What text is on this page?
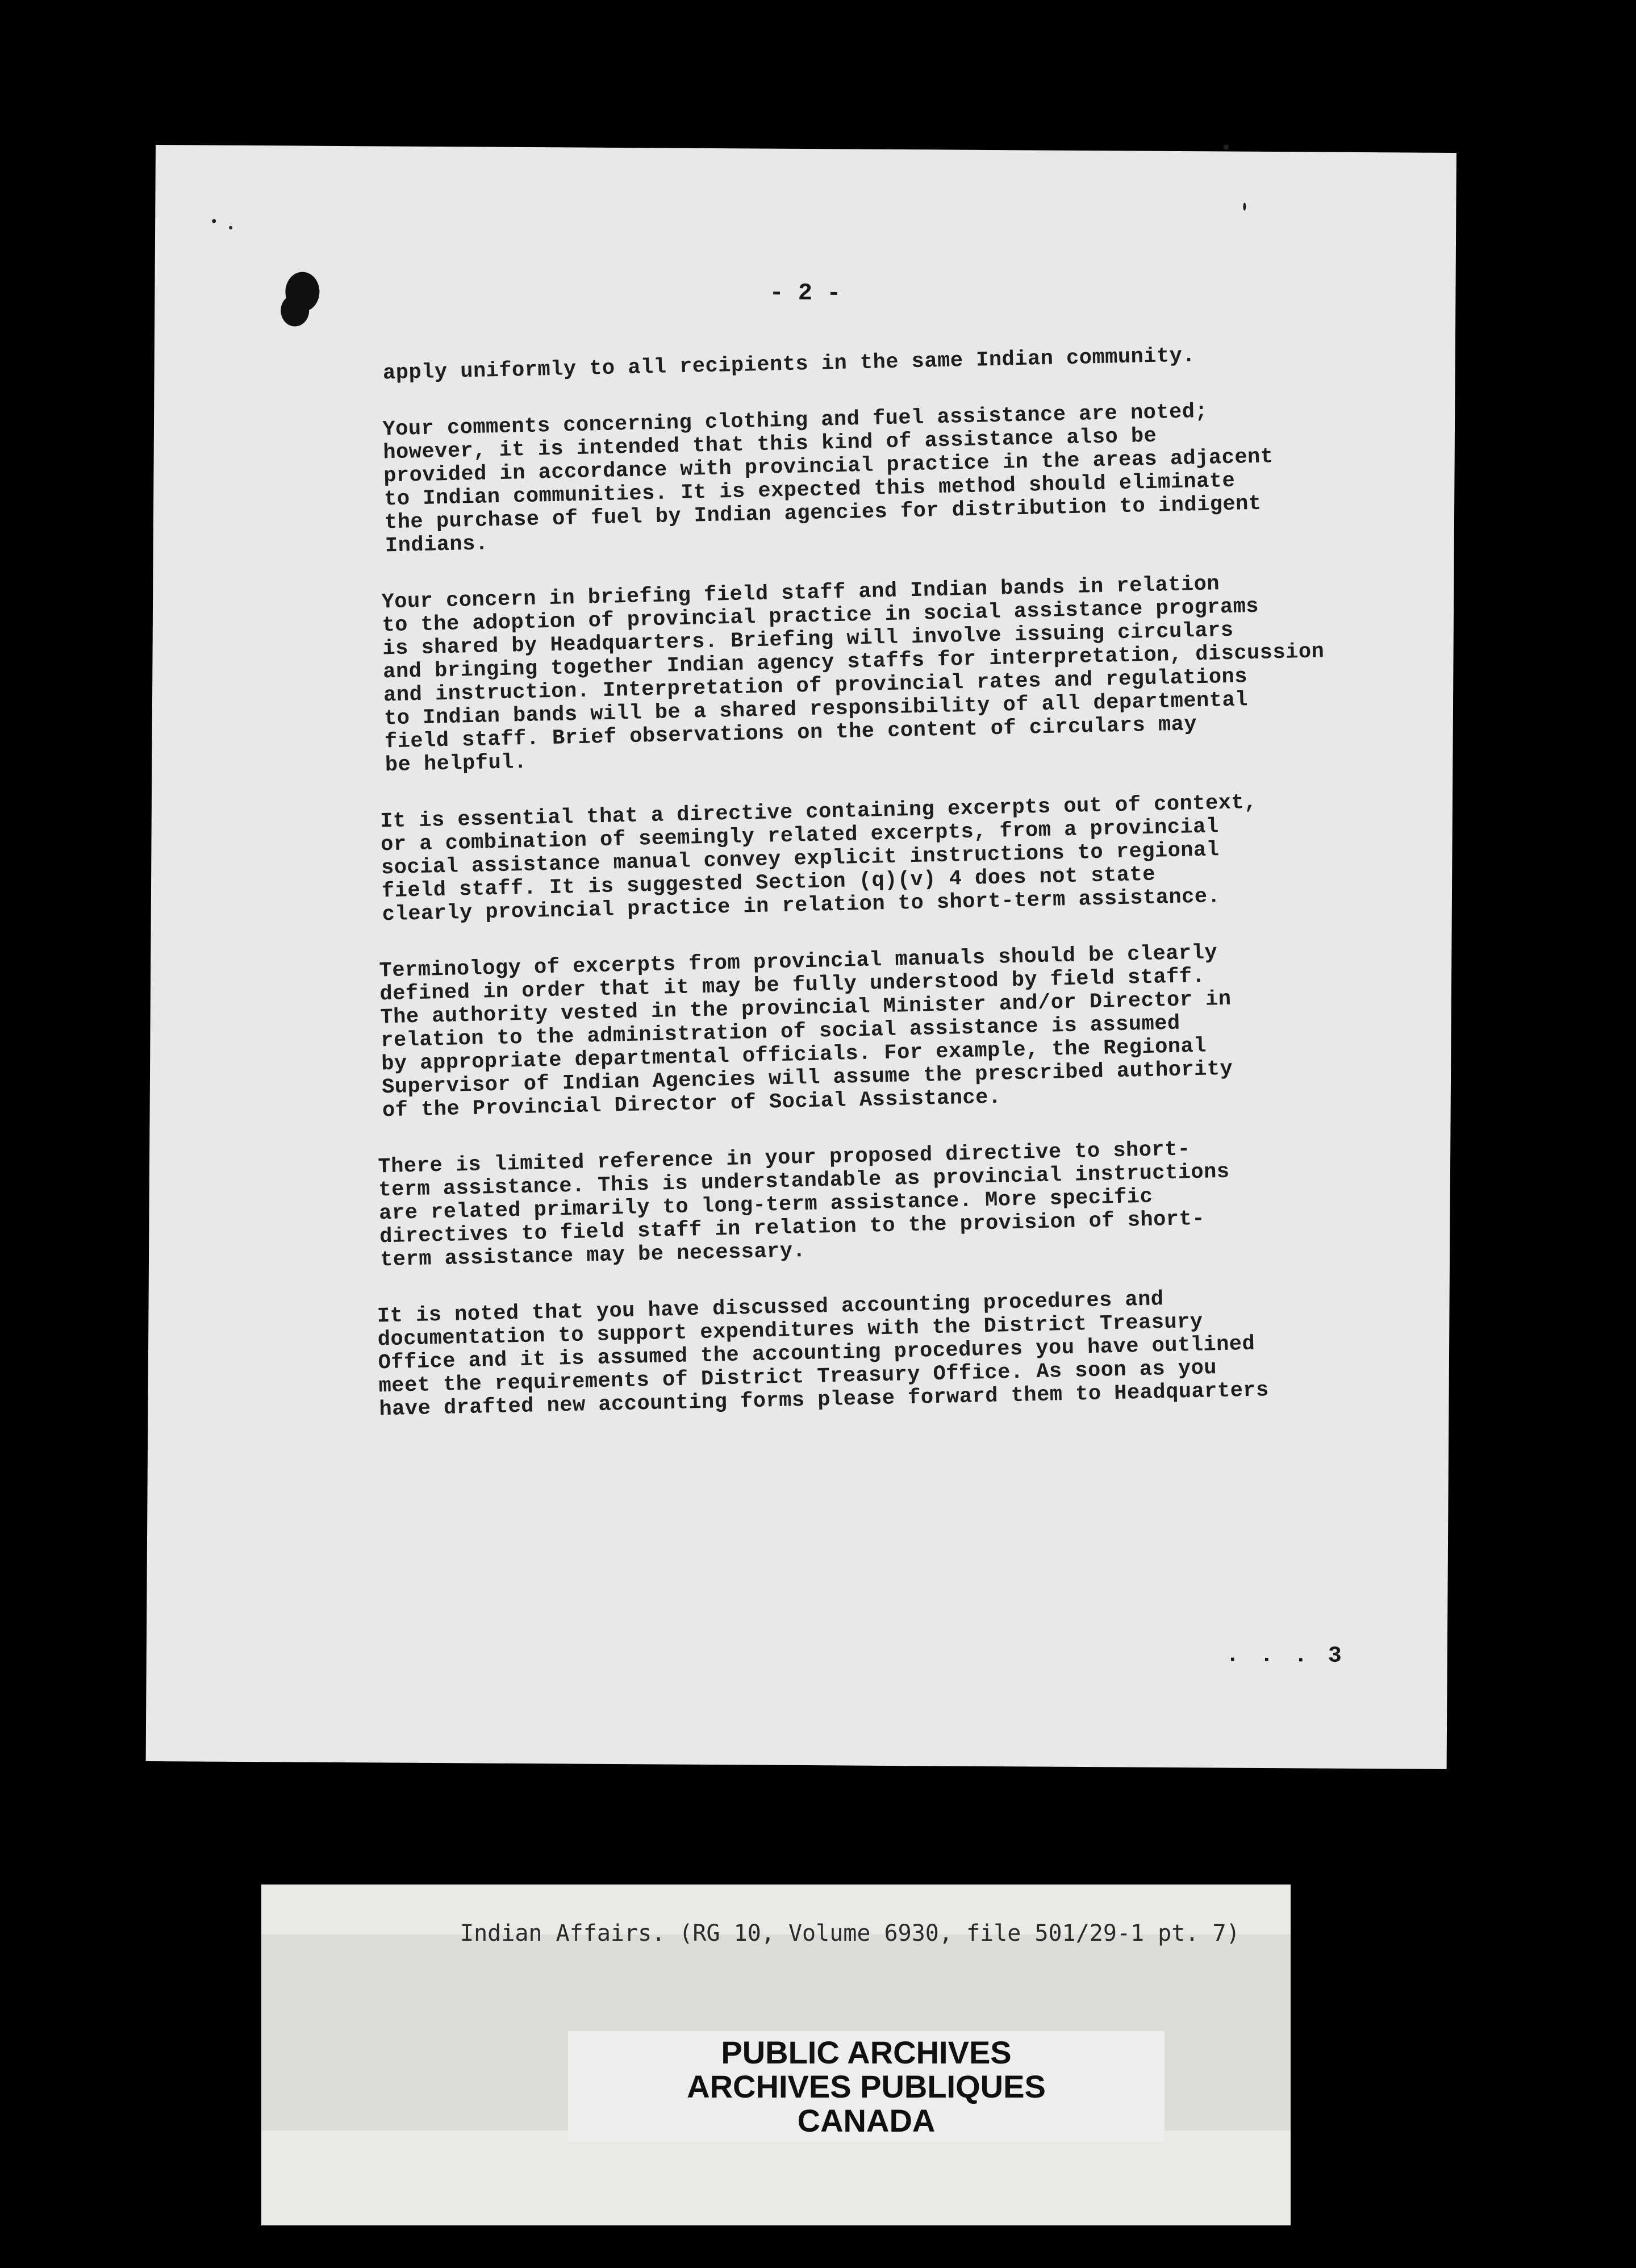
- 2 -

apply uniformly to all recipients in the same Indian community.

Your comments concerning clothing and fuel assistance are noted;
however, it is intended that this kind of assistance also be
provided in accordance with provincial practice in the areas adjacent
to Indian communities. It is expected this method should eliminate
the purchase of fuel by Indian agencies for distribution to indigent
Indians.

Your concern in briefing field staff and Indian bands in relation
to the adoption of provincial practice in social assistance programs
is shared by Headquarters. Briefing will involve issuing circulars
and bringing together Indian agency staffs for interpretation, discussion
and instruction. Interpretation of provincial rates and regulations
to Indian bands will be a shared responsibility of all departmental
field staff. Brief observations on the content of circulars may
be helpful.

It is essential that a directive containing excerpts out of context,
or a combination of seemingly related excerpts, from a provincial
social assistance manual convey explicit instructions to regional
field staff. It is suggested Section (q)(v) 4 does not state
clearly provincial practice in relation to short-term assistance.

Terminology of excerpts from provincial manuals should be clearly
defined in order that it may be fully understood by field staff.
The authority vested in the provincial Minister and/or Director in
relation to the administration of social assistance is assumed
by appropriate departmental officials. For example, the Regional
Supervisor of Indian Agencies will assume the prescribed authority
of the Provincial Director of Social Assistance.

There is limited reference in your proposed directive to short-
term assistance. This is understandable as provincial instructions
are related primarily to long-term assistance. More specific
directives to field staff in relation to the provision of short-
term assistance may be necessary.

It is noted that you have discussed accounting procedures and
documentation to support expenditures with the District Treasury
Office and it is assumed the accounting procedures you have outlined
meet the requirements of District Treasury Office. As soon as you
have drafted new accounting forms please forward them to Headquarters

. . . 3
Indian Affairs. (RG 10, Volume 6930, file 501/29-1 pt. 7)
PUBLIC ARCHIVES
ARCHIVES PUBLIQUES
CANADA
